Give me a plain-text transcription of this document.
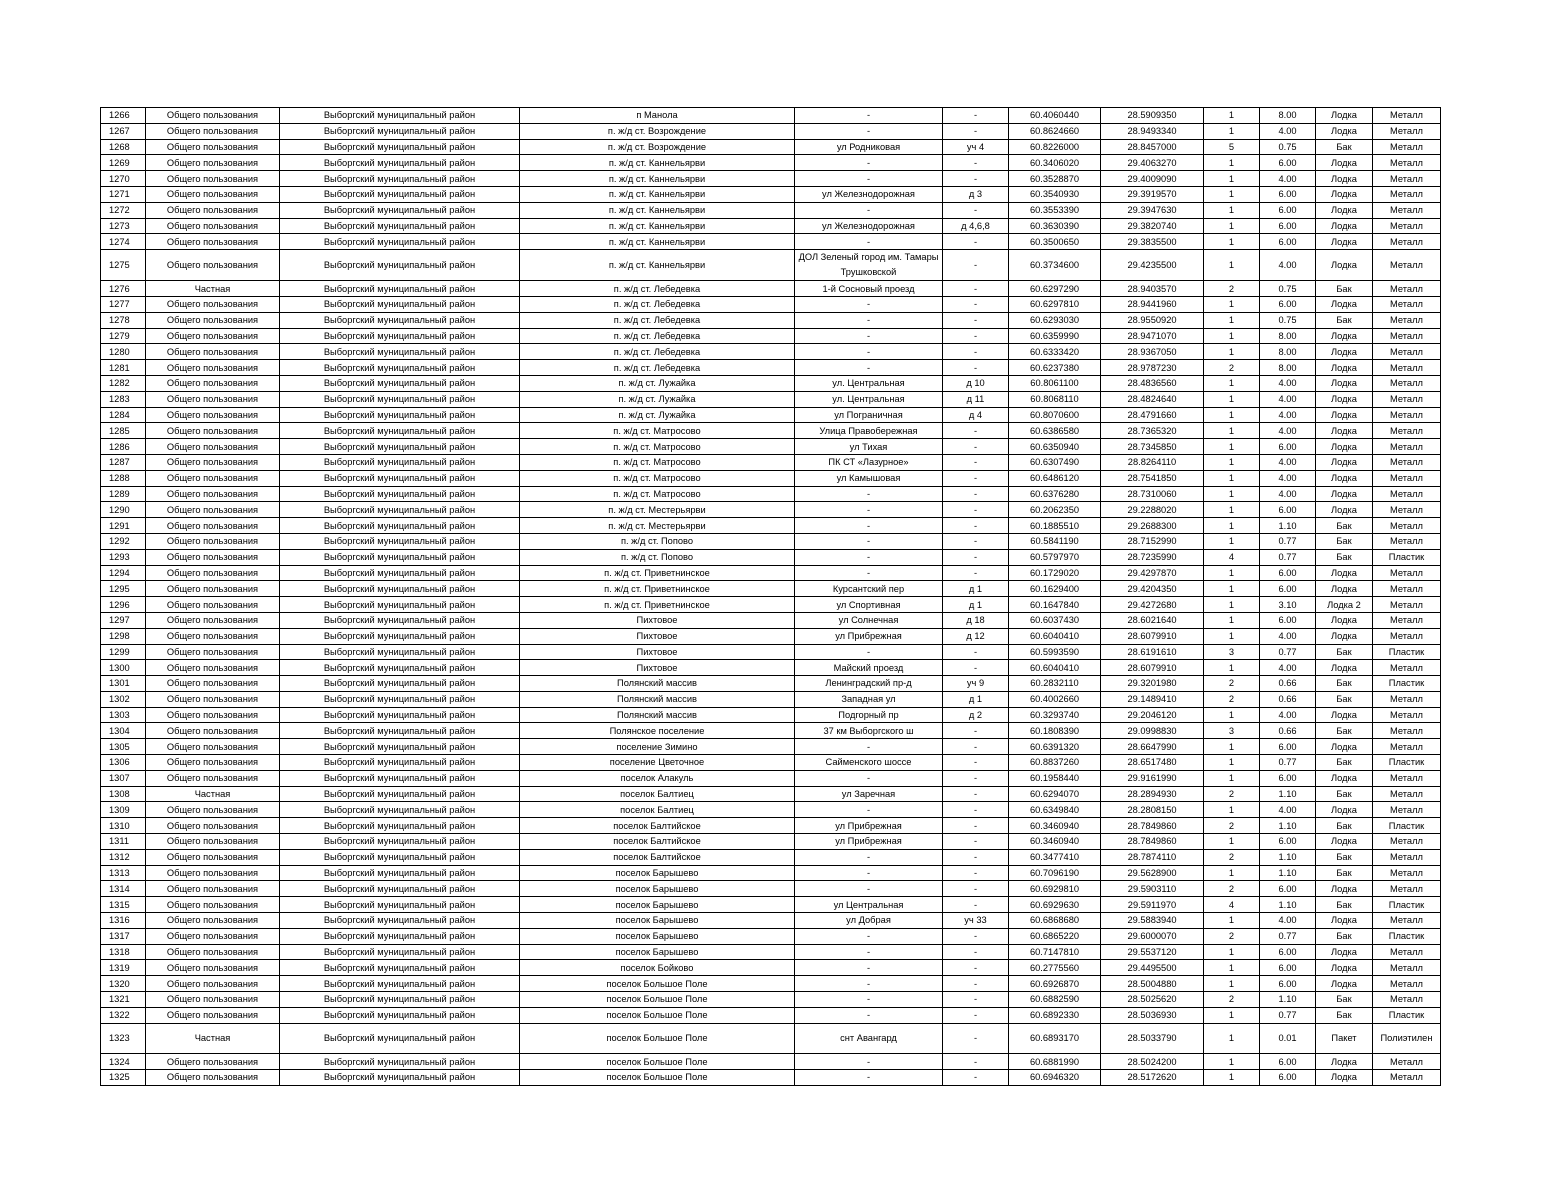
1266	Общего пользования	Выборгский муниципальный район	п Манола	-	-	60.4060440	28.5909350	1	8.00	Лодка	Металл
1267	Общего пользования	Выборгский муниципальный район	п. ж/д ст. Возрождение	-	-	60.8624660	28.9493340	1	4.00	Лодка	Металл
1268	Общего пользования	Выборгский муниципальный район	п. ж/д ст. Возрождение	ул Родниковая	уч 4	60.8226000	28.8457000	5	0.75	Бак	Металл
1269	Общего пользования	Выборгский муниципальный район	п. ж/д ст. Каннельярви	-	-	60.3406020	29.4063270	1	6.00	Лодка	Металл
1270	Общего пользования	Выборгский муниципальный район	п. ж/д ст. Каннельярви	-	-	60.3528870	29.4009090	1	4.00	Лодка	Металл
1271	Общего пользования	Выборгский муниципальный район	п. ж/д ст. Каннельярви	ул Железнодорожная	д 3	60.3540930	29.3919570	1	6.00	Лодка	Металл
1272	Общего пользования	Выборгский муниципальный район	п. ж/д ст. Каннельярви	-	-	60.3553390	29.3947630	1	6.00	Лодка	Металл
1273	Общего пользования	Выборгский муниципальный район	п. ж/д ст. Каннельярви	ул Железнодорожная	д 4,6,8	60.3630390	29.3820740	1	6.00	Лодка	Металл
1274	Общего пользования	Выборгский муниципальный район	п. ж/д ст. Каннельярви	-	-	60.3500650	29.3835500	1	6.00	Лодка	Металл
1275	Общего пользования	Выборгский муниципальный район	п. ж/д ст. Каннельярви	ДОЛ Зеленый город им. Тамары Трушковской	-	60.3734600	29.4235500	1	4.00	Лодка	Металл
1276	Частная	Выборгский муниципальный район	п. ж/д ст. Лебедевка	1-й Сосновый проезд	-	60.6297290	28.9403570	2	0.75	Бак	Металл
1277	Общего пользования	Выборгский муниципальный район	п. ж/д ст. Лебедевка	-	-	60.6297810	28.9441960	1	6.00	Лодка	Металл
1278	Общего пользования	Выборгский муниципальный район	п. ж/д ст. Лебедевка	-	-	60.6293030	28.9550920	1	0.75	Бак	Металл
1279	Общего пользования	Выборгский муниципальный район	п. ж/д ст. Лебедевка	-	-	60.6359990	28.9471070	1	8.00	Лодка	Металл
1280	Общего пользования	Выборгский муниципальный район	п. ж/д ст. Лебедевка	-	-	60.6333420	28.9367050	1	8.00	Лодка	Металл
1281	Общего пользования	Выборгский муниципальный район	п. ж/д ст. Лебедевка	-	-	60.6237380	28.9787230	2	8.00	Лодка	Металл
1282	Общего пользования	Выборгский муниципальный район	п. ж/д ст. Лужайка	ул. Центральная	д 10	60.8061100	28.4836560	1	4.00	Лодка	Металл
1283	Общего пользования	Выборгский муниципальный район	п. ж/д ст. Лужайка	ул. Центральная	д 11	60.8068110	28.4824640	1	4.00	Лодка	Металл
1284	Общего пользования	Выборгский муниципальный район	п. ж/д ст. Лужайка	ул Пограничная	д 4	60.8070600	28.4791660	1	4.00	Лодка	Металл
1285	Общего пользования	Выборгский муниципальный район	п. ж/д ст. Матросово	Улица Правобережная	-	60.6386580	28.7365320	1	4.00	Лодка	Металл
1286	Общего пользования	Выборгский муниципальный район	п. ж/д ст. Матросово	ул Тихая	-	60.6350940	28.7345850	1	6.00	Лодка	Металл
1287	Общего пользования	Выборгский муниципальный район	п. ж/д ст. Матросово	ПК СТ «Лазурное»	-	60.6307490	28.8264110	1	4.00	Лодка	Металл
1288	Общего пользования	Выборгский муниципальный район	п. ж/д ст. Матросово	ул Камышовая	-	60.6486120	28.7541850	1	4.00	Лодка	Металл
1289	Общего пользования	Выборгский муниципальный район	п. ж/д ст. Матросово	-	-	60.6376280	28.7310060	1	4.00	Лодка	Металл
1290	Общего пользования	Выборгский муниципальный район	п. ж/д ст. Местерьярви	-	-	60.2062350	29.2288020	1	6.00	Лодка	Металл
1291	Общего пользования	Выборгский муниципальный район	п. ж/д ст. Местерьярви	-	-	60.1885510	29.2688300	1	1.10	Бак	Металл
1292	Общего пользования	Выборгский муниципальный район	п. ж/д ст. Попово	-	-	60.5841190	28.7152990	1	0.77	Бак	Металл
1293	Общего пользования	Выборгский муниципальный район	п. ж/д ст. Попово	-	-	60.5797970	28.7235990	4	0.77	Бак	Пластик
1294	Общего пользования	Выборгский муниципальный район	п. ж/д ст. Приветнинское	-	-	60.1729020	29.4297870	1	6.00	Лодка	Металл
1295	Общего пользования	Выборгский муниципальный район	п. ж/д ст. Приветнинское	Курсантский пер	д 1	60.1629400	29.4204350	1	6.00	Лодка	Металл
1296	Общего пользования	Выборгский муниципальный район	п. ж/д ст. Приветнинское	ул Спортивная	д 1	60.1647840	29.4272680	1	3.10	Лодка 2	Металл
1297	Общего пользования	Выборгский муниципальный район	Пихтовое	ул Солнечная	д 18	60.6037430	28.6021640	1	6.00	Лодка	Металл
1298	Общего пользования	Выборгский муниципальный район	Пихтовое	ул Прибрежная	д 12	60.6040410	28.6079910	1	4.00	Лодка	Металл
1299	Общего пользования	Выборгский муниципальный район	Пихтовое	-	-	60.5993590	28.6191610	3	0.77	Бак	Пластик
1300	Общего пользования	Выборгский муниципальный район	Пихтовое	Майский проезд	-	60.6040410	28.6079910	1	4.00	Лодка	Металл
1301	Общего пользования	Выборгский муниципальный район	Полянский массив	Ленинградский пр-д	уч 9	60.2832110	29.3201980	2	0.66	Бак	Пластик
1302	Общего пользования	Выборгский муниципальный район	Полянский массив	Западная ул	д 1	60.4002660	29.1489410	2	0.66	Бак	Металл
1303	Общего пользования	Выборгский муниципальный район	Полянский массив	Подгорный пр	д 2	60.3293740	29.2046120	1	4.00	Лодка	Металл
1304	Общего пользования	Выборгский муниципальный район	Полянское поселение	37 км Выборгского ш	-	60.1808390	29.0998830	3	0.66	Бак	Металл
1305	Общего пользования	Выборгский муниципальный район	поселение Зимино	-	-	60.6391320	28.6647990	1	6.00	Лодка	Металл
1306	Общего пользования	Выборгский муниципальный район	поселение Цветочное	Сайменского шоссе	-	60.8837260	28.6517480	1	0.77	Бак	Пластик
1307	Общего пользования	Выборгский муниципальный район	поселок Алакуль	-	-	60.1958440	29.9161990	1	6.00	Лодка	Металл
1308	Частная	Выборгский муниципальный район	поселок Балтиец	ул Заречная	-	60.6294070	28.2894930	2	1.10	Бак	Металл
1309	Общего пользования	Выборгский муниципальный район	поселок Балтиец	-	-	60.6349840	28.2808150	1	4.00	Лодка	Металл
1310	Общего пользования	Выборгский муниципальный район	поселок Балтийское	ул Прибрежная	-	60.3460940	28.7849860	2	1.10	Бак	Пластик
1311	Общего пользования	Выборгский муниципальный район	поселок Балтийское	ул Прибрежная	-	60.3460940	28.7849860	1	6.00	Лодка	Металл
1312	Общего пользования	Выборгский муниципальный район	поселок Балтийское	-	-	60.3477410	28.7874110	2	1.10	Бак	Металл
1313	Общего пользования	Выборгский муниципальный район	поселок Барышево	-	-	60.7096190	29.5628900	1	1.10	Бак	Металл
1314	Общего пользования	Выборгский муниципальный район	поселок Барышево	-	-	60.6929810	29.5903110	2	6.00	Лодка	Металл
1315	Общего пользования	Выборгский муниципальный район	поселок Барышево	ул Центральная	-	60.6929630	29.5911970	4	1.10	Бак	Пластик
1316	Общего пользования	Выборгский муниципальный район	поселок Барышево	ул Добрая	уч 33	60.6868680	29.5883940	1	4.00	Лодка	Металл
1317	Общего пользования	Выборгский муниципальный район	поселок Барышево	-	-	60.6865220	29.6000070	2	0.77	Бак	Пластик
1318	Общего пользования	Выборгский муниципальный район	поселок Барышево	-	-	60.7147810	29.5537120	1	6.00	Лодка	Металл
1319	Общего пользования	Выборгский муниципальный район	поселок Бойково	-	-	60.2775560	29.4495500	1	6.00	Лодка	Металл
1320	Общего пользования	Выборгский муниципальный район	поселок Большое Поле	-	-	60.6926870	28.5004880	1	6.00	Лодка	Металл
1321	Общего пользования	Выборгский муниципальный район	поселок Большое Поле	-	-	60.6882590	28.5025620	2	1.10	Бак	Металл
1322	Общего пользования	Выборгский муниципальный район	поселок Большое Поле	-	-	60.6892330	28.5036930	1	0.77	Бак	Пластик
1323	Частная	Выборгский муниципальный район	поселок Большое Поле	снт Авангард	-	60.6893170	28.5033790	1	0.01	Пакет	Полиэтилен
1324	Общего пользования	Выборгский муниципальный район	поселок Большое Поле	-	-	60.6881990	28.5024200	1	6.00	Лодка	Металл
1325	Общего пользования	Выборгский муниципальный район	поселок Большое Поле	-	-	60.6946320	28.5172620	1	6.00	Лодка	Металл
